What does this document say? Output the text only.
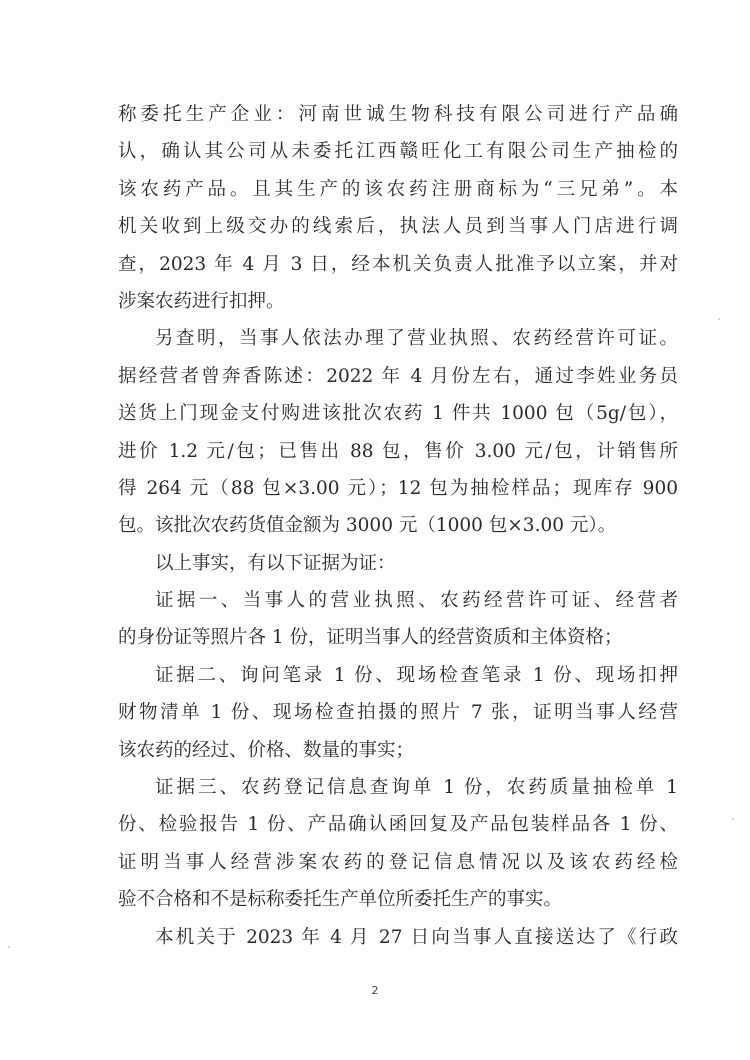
称委托生产企业：河南世诚生物科技有限公司进行产品确
认，确认其公司从未委托江西赣旺化工有限公司生产抽检的
该农药产品。且其生产的该农药注册商标为“三兄弟”。本
机关收到上级交办的线索后，执法人员到当事人门店进行调
查，2023 年 4 月 3 日，经本机关负责人批准予以立案，并对
涉案农药进行扣押。
另查明，当事人依法办理了营业执照、农药经营许可证。
据经营者曾奔香陈述：2022 年 4 月份左右，通过李姓业务员
送货上门现金支付购进该批次农药 1 件共 1000 包（5g/包），
进价 1.2 元/包；已售出 88 包，售价 3.00 元/包，计销售所
得 264 元（88 包×3.00 元）；12 包为抽检样品；现库存 900
包。该批次农药货值金额为 3000 元（1000 包×3.00 元）。
以上事实，有以下证据为证：
证据一、当事人的营业执照、农药经营许可证、经营者
的身份证等照片各 1 份，证明当事人的经营资质和主体资格；
证据二、询问笔录 1 份、现场检查笔录 1 份、现场扣押
财物清单 1 份、现场检查拍摄的照片 7 张，证明当事人经营
该农药的经过、价格、数量的事实；
证据三、农药登记信息查询单 1 份，农药质量抽检单 1
份、检验报告 1 份、产品确认函回复及产品包装样品各 1 份、
证明当事人经营涉案农药的登记信息情况以及该农药经检
验不合格和不是标称委托生产单位所委托生产的事实。
本机关于 2023 年 4 月 27 日向当事人直接送达了《行政
2
